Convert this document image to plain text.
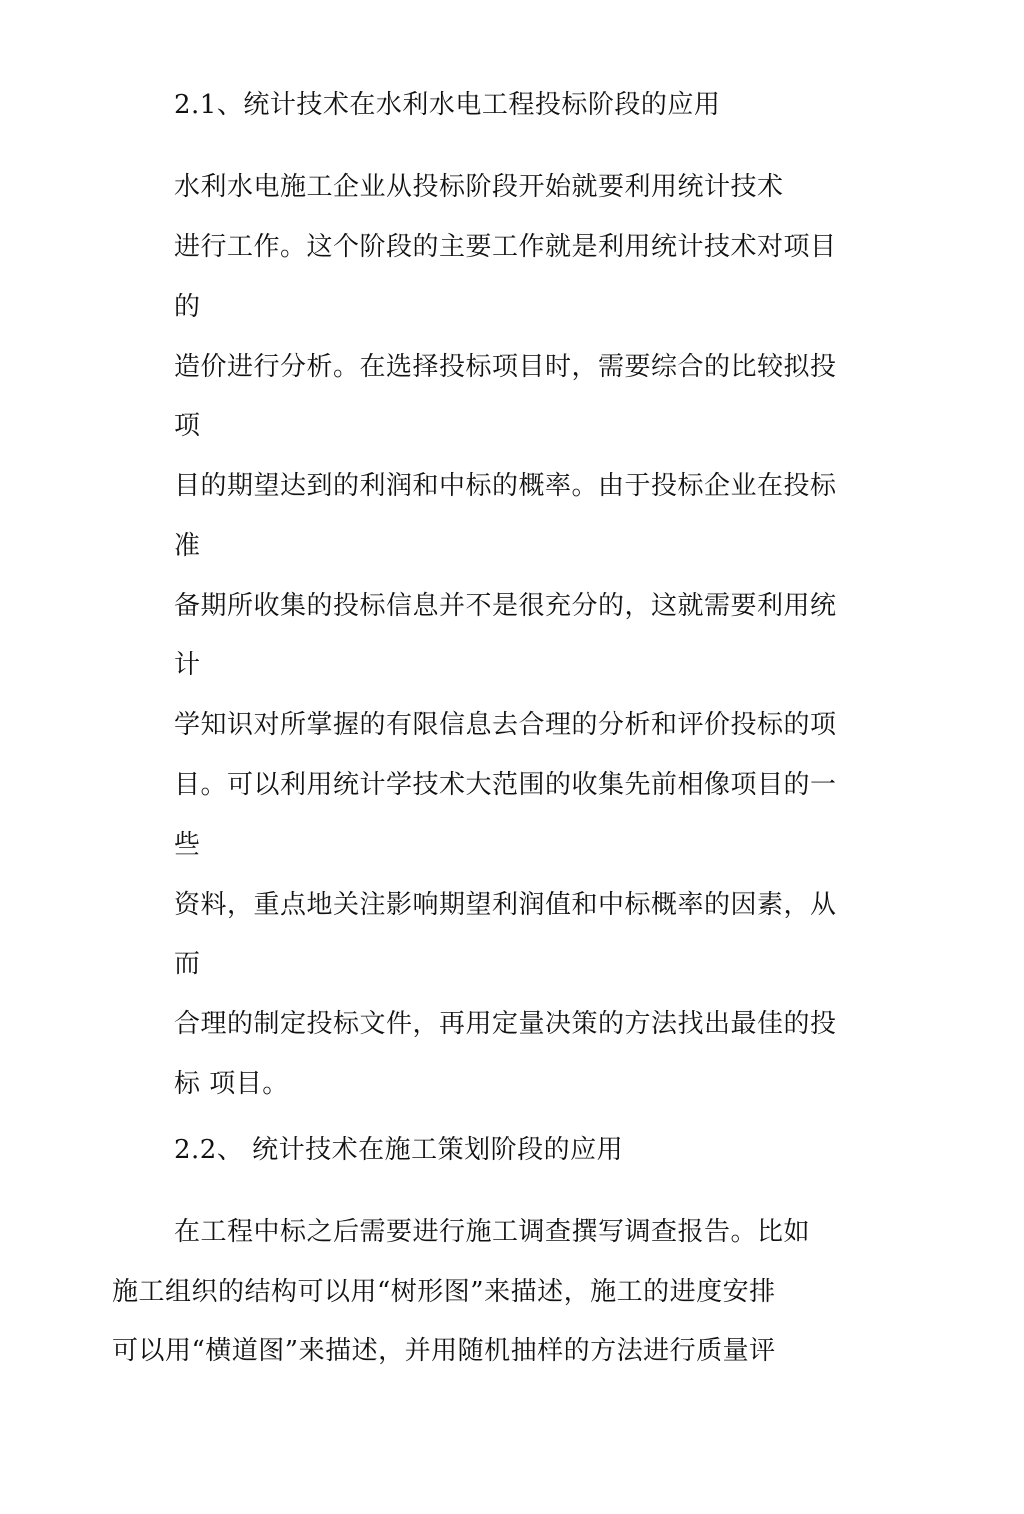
2.1、统计技术在水利水电工程投标阶段的应用
水利水电施工企业从投标阶段开始就要利用统计技术
进行工作。这个阶段的主要工作就是利用统计技术对项目
的
造价进行分析。在选择投标项目时，需要综合的比较拟投
项
目的期望达到的利润和中标的概率。由于投标企业在投标
准
备期所收集的投标信息并不是很充分的，这就需要利用统
计
学知识对所掌握的有限信息去合理的分析和评价投标的项
目。可以利用统计学技术大范围的收集先前相像项目的一
些
资料，重点地关注影响期望利润值和中标概率的因素，从
而
合理的制定投标文件，再用定量决策的方法找出最佳的投
标 项目。
2.2、 统计技术在施工策划阶段的应用
在工程中标之后需要进行施工调查撰写调查报告。比如
施工组织的结构可以用“树形图”来描述，施工的进度安排
可以用“横道图”来描述，并用随机抽样的方法进行质量评
